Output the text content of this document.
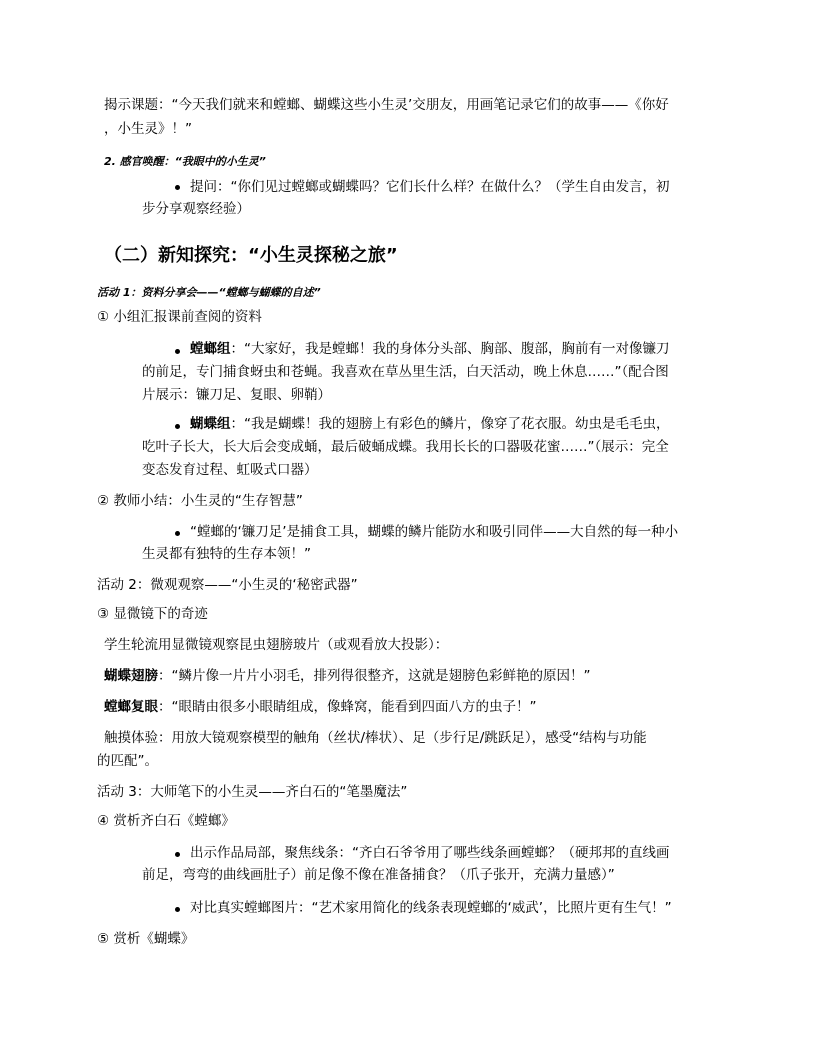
揭示课题：“今天我们就来和螳螂、蝴蝶这些小生灵’交朋友，用画笔记录它们的故事——《你好
，小生灵》！”
2. 感官唤醒：“我眼中的小生灵”
提问：“你们见过螳螂或蝴蝶吗？它们长什么样？在做什么？（学生自由发言，初
步分享观察经验）
（二）新知探究：“小生灵探秘之旅”
活动 1：资料分享会——“螳螂与蝴蝶的自述”
① 小组汇报课前查阅的资料
螳螂组：“大家好，我是螳螂！我的身体分头部、胸部、腹部，胸前有一对像镰刀
的前足，专门捕食蚜虫和苍蝇。我喜欢在草丛里生活，白天活动，晚上休息……”（配合图
片展示：镰刀足、复眼、卵鞘）
蝴蝶组：“我是蝴蝶！我的翅膀上有彩色的鳞片，像穿了花衣服。幼虫是毛毛虫，
吃叶子长大，长大后会变成蛹，最后破蛹成蝶。我用长长的口器吸花蜜……”（展示：完全
变态发育过程、虹吸式口器）
② 教师小结：小生灵的“生存智慧”
“螳螂的‘镰刀足’是捕食工具，蝴蝶的鳞片能防水和吸引同伴——大自然的每一种小
生灵都有独特的生存本领！”
活动 2：微观观察——“小生灵的‘秘密武器”
③ 显微镜下的奇迹
学生轮流用显微镜观察昆虫翅膀玻片（或观看放大投影）：
蝴蝶翅膀：“鳞片像一片片小羽毛，排列得很整齐，这就是翅膀色彩鲜艳的原因！”
螳螂复眼：“眼睛由很多小眼睛组成，像蜂窝，能看到四面八方的虫子！”
触摸体验：用放大镜观察模型的触角（丝状/棒状）、足（步行足/跳跃足），感受“结构与功能
的匹配”。
活动 3：大师笔下的小生灵——齐白石的“笔墨魔法”
④ 赏析齐白石《螳螂》
出示作品局部，聚焦线条：“齐白石爷爷用了哪些线条画螳螂？（硬邦邦的直线画
前足，弯弯的曲线画肚子）前足像不像在准备捕食？（爪子张开，充满力量感）”
对比真实螳螂图片：“艺术家用简化的线条表现螳螂的‘威武’，比照片更有生气！”
⑤ 赏析《蝴蝶》
